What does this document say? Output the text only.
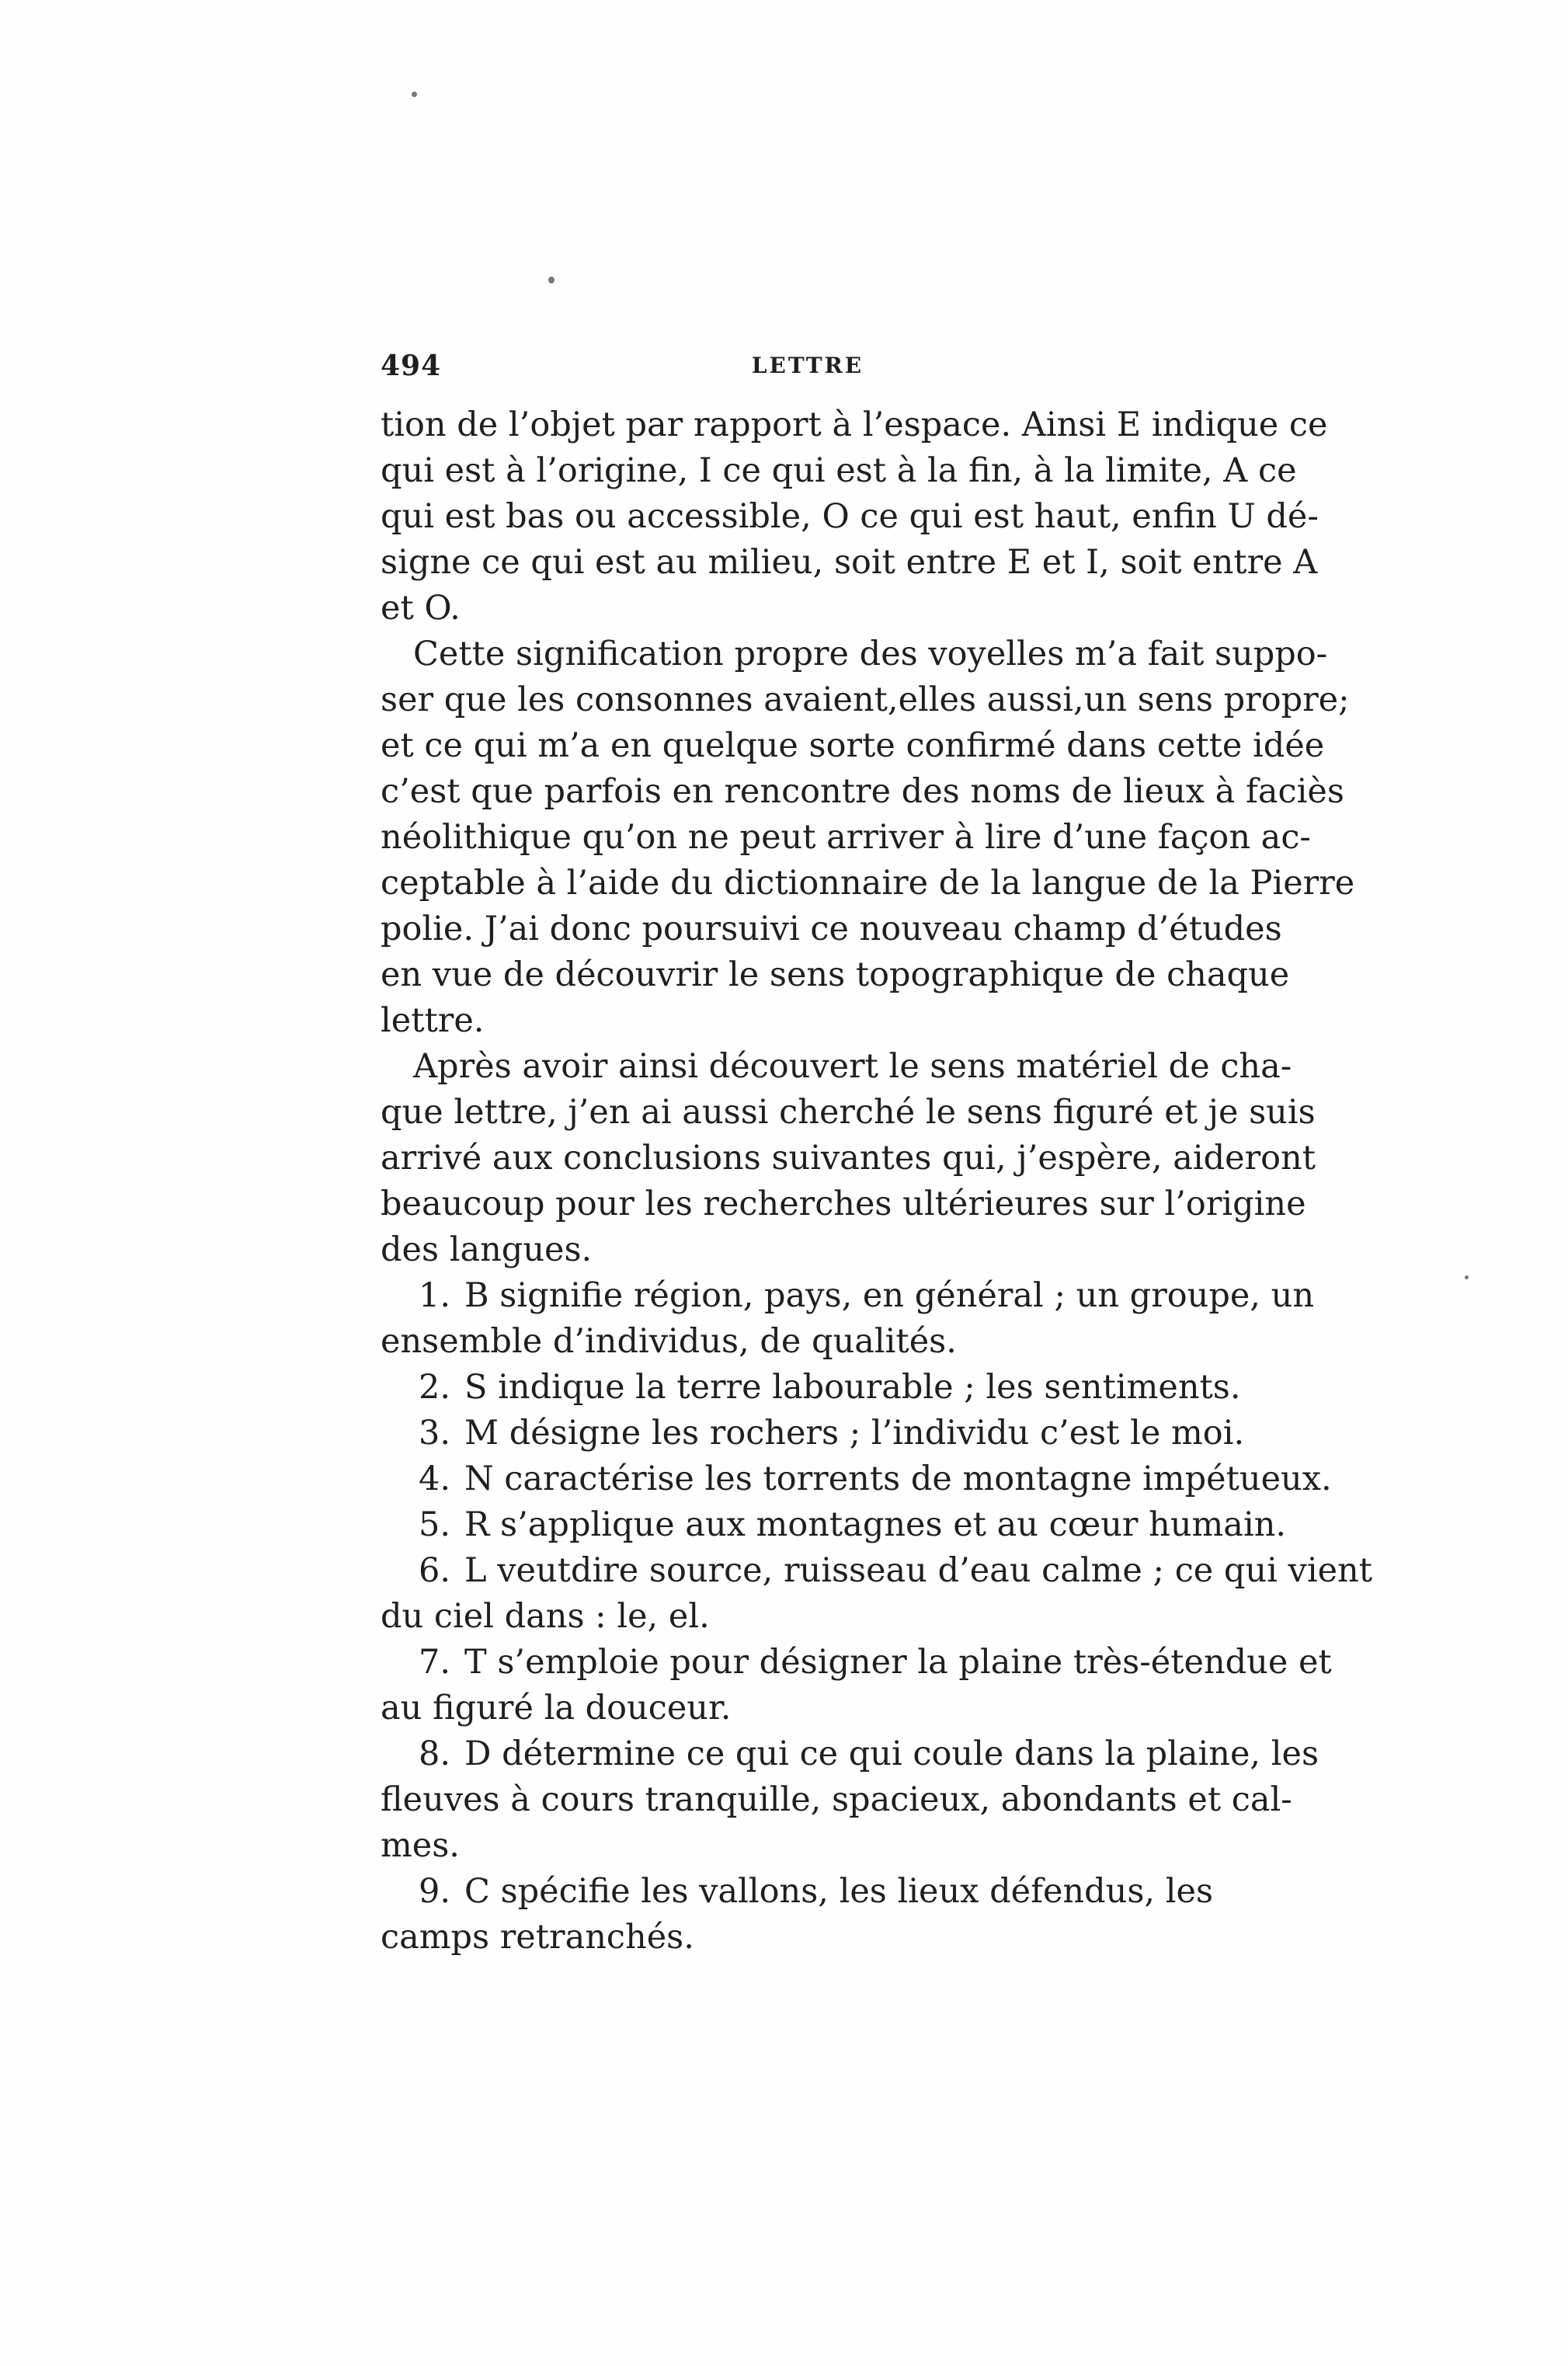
494	LETTRE

tion de l’objet par rapport à l’espace. Ainsi E indique ce
qui est à l’origine, I ce qui est à la fin, à la limite, A ce
qui est bas ou accessible, O ce qui est haut, enfin U dé-
signe ce qui est au milieu, soit entre E et I, soit entre A
et O.

Cette signification propre des voyelles m’a fait suppo-
ser que les consonnes avaient,elles aussi,un sens propre;
et ce qui m’a en quelque sorte confirmé dans cette idée
c’est que parfois en rencontre des noms de lieux à faciès
néolithique qu’on ne peut arriver à lire d’une façon ac-
ceptable à l’aide du dictionnaire de la langue de la Pierre
polie. J’ai donc poursuivi ce nouveau champ d’études
en vue de découvrir le sens topographique de chaque
lettre.

Après avoir ainsi découvert le sens matériel de cha-
que lettre, j’en ai aussi cherché le sens figuré et je suis
arrivé aux conclusions suivantes qui, j’espère, aideront
beaucoup pour les recherches ultérieures sur l’origine
des langues.

1. B signifie région, pays, en général ; un groupe, un
ensemble d’individus, de qualités.
2. S indique la terre labourable ; les sentiments.
3. M désigne les rochers ; l’individu c’est le moi.
4. N caractérise les torrents de montagne impétueux.
5. R s’applique aux montagnes et au cœur humain.
6. L veutdire source, ruisseau d’eau calme ; ce qui vient
du ciel dans : le, el.
7. T s’emploie pour désigner la plaine très-étendue et
au figuré la douceur.
8. D détermine ce qui ce qui coule dans la plaine, les
fleuves à cours tranquille, spacieux, abondants et cal-
mes.
9. C spécifie les vallons, les lieux défendus, les
camps retranchés.
